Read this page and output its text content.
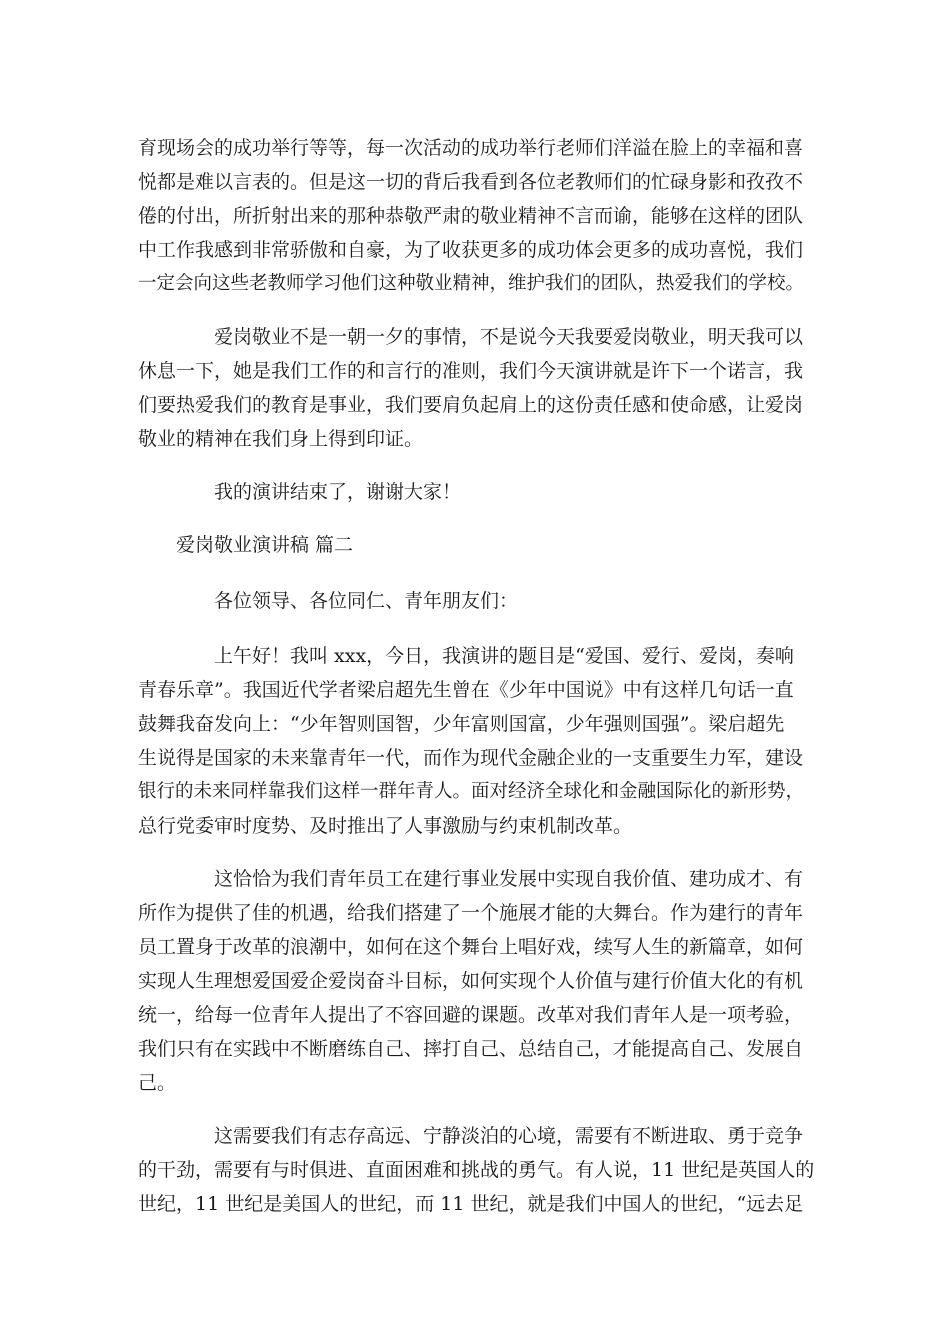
育现场会的成功举行等等，每一次活动的成功举行老师们洋溢在脸上的幸福和喜
悦都是难以言表的。但是这一切的背后我看到各位老教师们的忙碌身影和孜孜不
倦的付出，所折射出来的那种恭敬严肃的敬业精神不言而谕，能够在这样的团队
中工作我感到非常骄傲和自豪，为了收获更多的成功体会更多的成功喜悦，我们
一定会向这些老教师学习他们这种敬业精神，维护我们的团队，热爱我们的学校。
爱岗敬业不是一朝一夕的事情，不是说今天我要爱岗敬业，明天我可以
休息一下，她是我们工作的和言行的准则，我们今天演讲就是许下一个诺言，我
们要热爱我们的教育是事业，我们要肩负起肩上的这份责任感和使命感，让爱岗
敬业的精神在我们身上得到印证。
我的演讲结束了，谢谢大家！
爱岗敬业演讲稿 篇二
各位领导、各位同仁、青年朋友们：
上午好！我叫 xxx，今日，我演讲的题目是“爱国、爱行、爱岗，奏响
青春乐章”。我国近代学者梁启超先生曾在《少年中国说》中有这样几句话一直
鼓舞我奋发向上：“少年智则国智，少年富则国富，少年强则国强”。梁启超先
生说得是国家的未来靠青年一代，而作为现代金融企业的一支重要生力军，建设
银行的未来同样靠我们这样一群年青人。面对经济全球化和金融国际化的新形势，
总行党委审时度势、及时推出了人事激励与约束机制改革。
这恰恰为我们青年员工在建行事业发展中实现自我价值、建功成才、有
所作为提供了佳的机遇，给我们搭建了一个施展才能的大舞台。作为建行的青年
员工置身于改革的浪潮中，如何在这个舞台上唱好戏，续写人生的新篇章，如何
实现人生理想爱国爱企爱岗奋斗目标，如何实现个人价值与建行价值大化的有机
统一，给每一位青年人提出了不容回避的课题。改革对我们青年人是一项考验，
我们只有在实践中不断磨练自己、摔打自己、总结自己，才能提高自己、发展自
己。
这需要我们有志存高远、宁静淡泊的心境，需要有不断进取、勇于竞争
的干劲，需要有与时俱进、直面困难和挑战的勇气。有人说，11 世纪是英国人的
世纪，11 世纪是美国人的世纪，而 11 世纪，就是我们中国人的世纪，“远去足
